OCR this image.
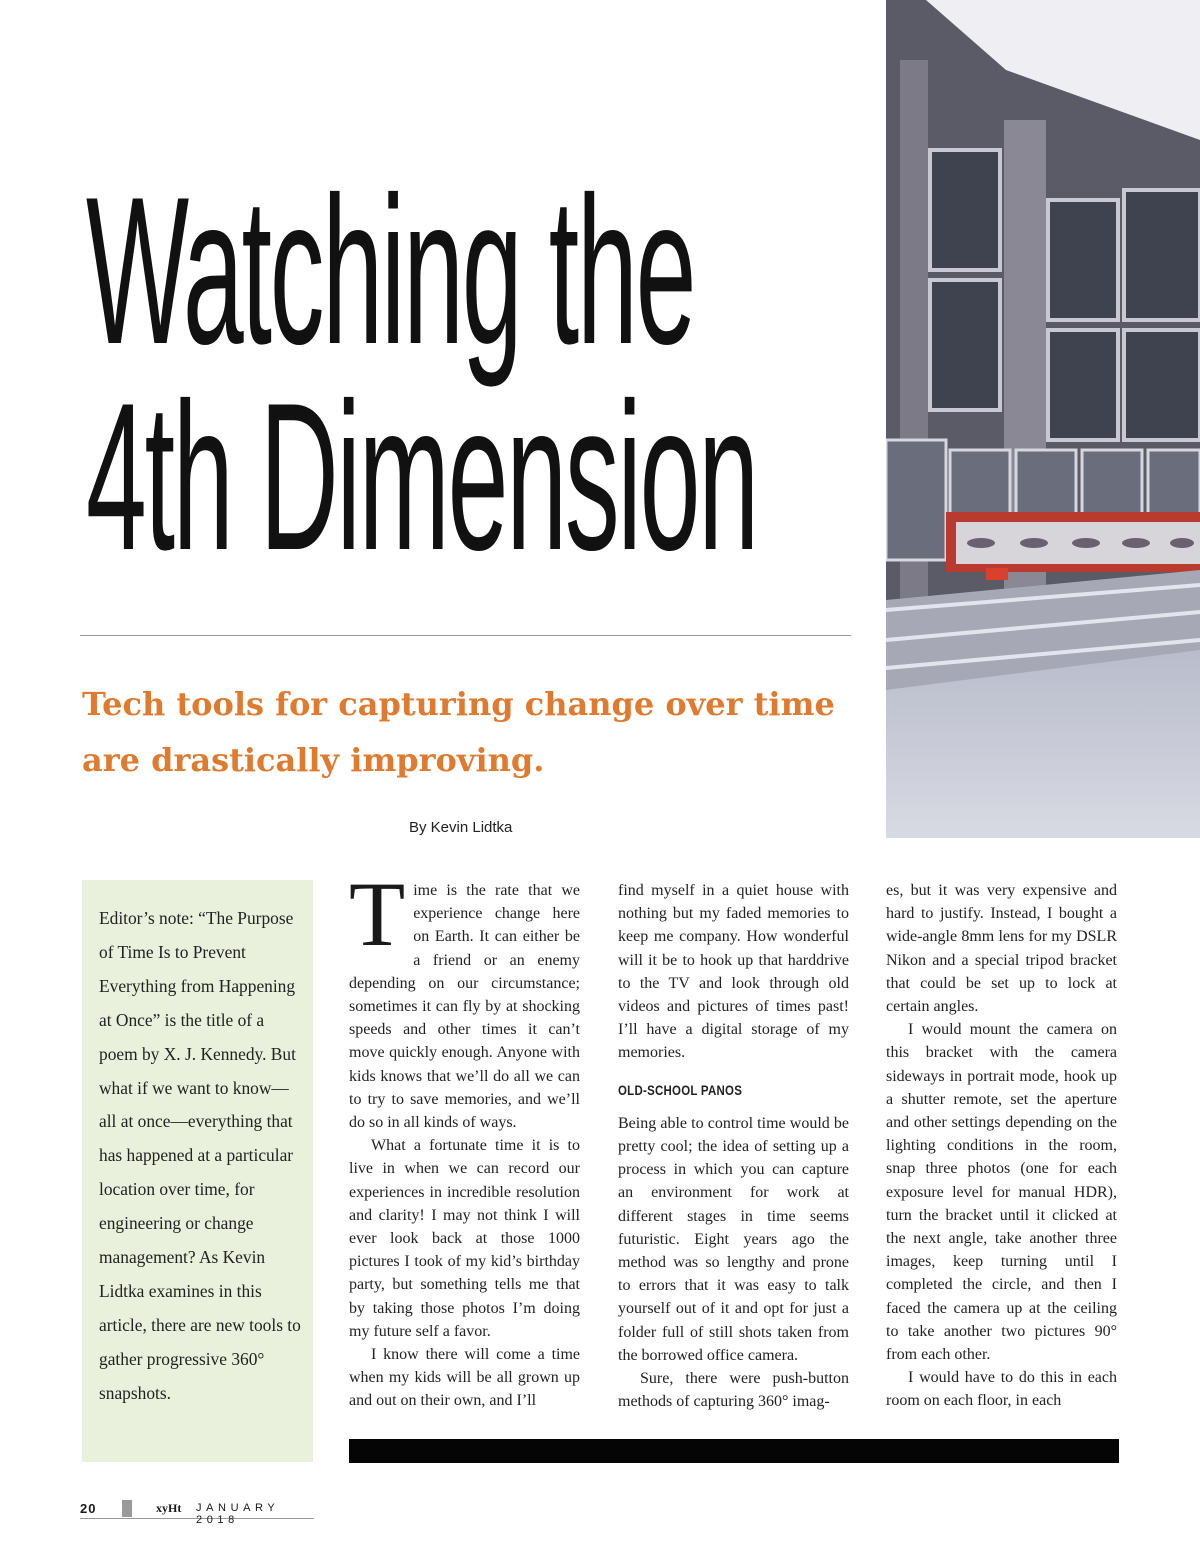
Watching the
4th Dimension
Tech tools for capturing change over time are drastically improving.
By Kevin Lidtka
Editor’s note: “The Purpose of Time Is to Prevent Everything from Happening at Once” is the title of a poem by X. J. Kennedy. But what if we want to know—all at once—everything that has happened at a particular location over time, for engineering or change management? As Kevin Lidtka examines in this article, there are new tools to gather progressive 360° snapshots.
T ime is the rate that we experience change here on Earth. It can either be a friend or an enemy depending on our circumstance; sometimes it can fly by at shocking speeds and other times it can’t move quickly enough. Anyone with kids knows that we’ll do all we can to try to save memories, and we’ll do so in all kinds of ways.

What a fortunate time it is to live in when we can record our experiences in incredible resolution and clarity! I may not think I will ever look back at those 1000 pictures I took of my kid’s birthday party, but something tells me that by taking those photos I’m doing my future self a favor.

I know there will come a time when my kids will be all grown up and out on their own, and I’ll

find myself in a quiet house with nothing but my faded memories to keep me company. How wonderful will it be to hook up that harddrive to the TV and look through old videos and pictures of times past! I’ll have a digital storage of my memories.

OLD-SCHOOL PANOS

Being able to control time would be pretty cool; the idea of setting up a process in which you can capture an environment for work at different stages in time seems futuristic. Eight years ago the method was so lengthy and prone to errors that it was easy to talk yourself out of it and opt for just a folder full of still shots taken from the borrowed office camera.

Sure, there were push-button methods of capturing 360° imag-

es, but it was very expensive and hard to justify. Instead, I bought a wide-angle 8mm lens for my DSLR Nikon and a special tripod bracket that could be set up to lock at certain angles.

I would mount the camera on this bracket with the camera sideways in portrait mode, hook up a shutter remote, set the aperture and other settings depending on the lighting conditions in the room, snap three photos (one for each exposure level for manual HDR), turn the bracket until it clicked at the next angle, take another three images, keep turning until I completed the circle, and then I faced the camera up at the ceiling to take another two pictures 90° from each other.

I would have to do this in each room on each floor, in each

20	xyHt JANUARY 2018
